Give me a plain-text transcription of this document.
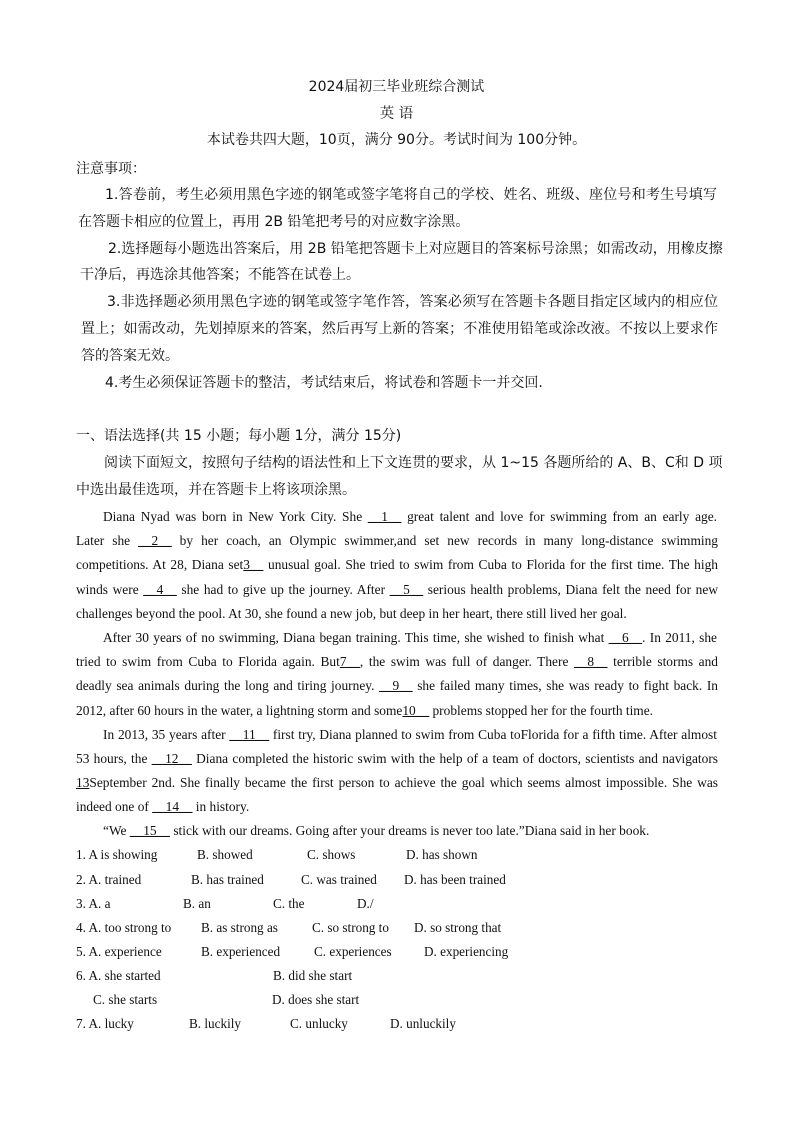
2024届初三毕业班综合测试
英 语
本试卷共四大题，10页，满分 90分。考试时间为 100分钟。
注意事项：
1.答卷前，考生必须用黑色字迹的钢笔或签字笔将自己的学校、姓名、班级、座位号和考生号填写
在答题卡相应的位置上，再用 2B 铅笔把考号的对应数字涂黑。
2.选择题每小题选出答案后，用 2B 铅笔把答题卡上对应题目的答案标号涂黑；如需改动，用橡皮擦
干净后，再选涂其他答案；不能答在试卷上。
3.非选择题必须用黑色字迹的钢笔或签字笔作答，答案必须写在答题卡各题目指定区域内的相应位
置上；如需改动，先划掉原来的答案，然后再写上新的答案；不准使用铅笔或涂改液。不按以上要求作
答的答案无效。
4.考生必须保证答题卡的整洁，考试结束后，将试卷和答题卡一并交回.
一、语法选择(共 15 小题；每小题 1分，满分 15分)
阅读下面短文，按照句子结构的语法性和上下文连贯的要求，从 1~15 各题所给的 A、B、C和 D 项
中选出最佳选项，并在答题卡上将该项涂黑。
Diana Nyad was born in New York City. She __1__ great talent and love for swimming from an early age.
Later she __2__ by her coach, an Olympic swimmer,and set new records in many long-distance swimming
competitions. At 28, Diana set3__ unusual goal. She tried to swim from Cuba to Florida for the first time. The high
winds were __4__ she had to give up the journey. After __5__ serious health problems, Diana felt the need for new
challenges beyond the pool. At 30, she found a new job, but deep in her heart, there still lived her goal.
After 30 years of no swimming, Diana began training. This time, she wished to finish what __6__. In 2011, she
tried to swim from Cuba to Florida again. But7__, the swim was full of danger. There __8__ terrible storms and
deadly sea animals during the long and tiring journey. __9__ she failed many times, she was ready to fight back. In
2012, after 60 hours in the water, a lightning storm and some10__ problems stopped her for the fourth time.
In 2013, 35 years after __11__ first try, Diana planned to swim from Cuba toFlorida for a fifth time. After almost
53 hours, the __12__ Diana completed the historic swim with the help of a team of doctors, scientists and navigators
13September 2nd. She finally became the first person to achieve the goal which seems almost impossible. She was
indeed one of __14__ in history.
“We __15__ stick with our dreams. Going after your dreams is never too late.”Diana said in her book.
1. A is showing	B. showed	C. shows	D. has shown
2. A. trained	B. has trained	C. was trained D. has been trained
3. A. a	B. an	C. the	D./
4. A. too strong to B. as strong as	C. so strong to D. so strong that
5. A. experience	B. experienced	C. experiences D. experiencing
6. A. she started	B. did she start
C. she starts	D. does she start
7. A. lucky	B. luckily	C. unlucky	D. unluckily
